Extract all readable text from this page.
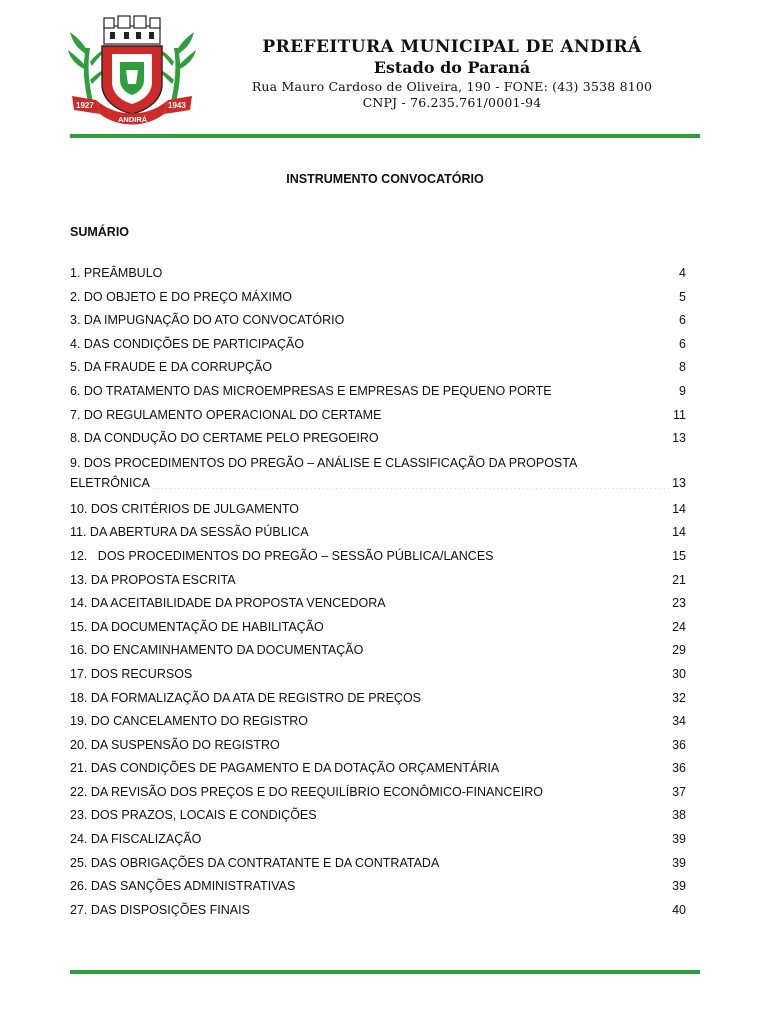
1927	1943
ANDIRÁ

PREFEITURA MUNICIPAL DE ANDIRÁ

Estado do Paraná

Rua Mauro Cardoso de Oliveira, 190 - FONE: (43) 3538 8100

CNPJ - 76.235.761/0001-94

INSTRUMENTO CONVOCATÓRIO
SUMÁRIO
1. PREÂMBULO .....	4
2. DO OBJETO E DO PREÇO MÁXIMO .....	5
3. DA IMPUGNAÇÃO DO ATO CONVOCATÓRIO .....	6
4. DAS CONDIÇÕES DE PARTICIPAÇÃO .....	6
5. DA FRAUDE E DA CORRUPÇÃO .....	8
6. DO TRATAMENTO DAS MICROEMPRESAS E EMPRESAS DE PEQUENO PORTE .....	9
7. DO REGULAMENTO OPERACIONAL DO CERTAME .....	11
8. DA CONDUÇÃO DO CERTAME PELO PREGOEIRO .....	13
9. DOS PROCEDIMENTOS DO PREGÃO – ANÁLISE E CLASSIFICAÇÃO DA PROPOSTA
ELETRÔNICA .....	13
10. DOS CRITÉRIOS DE JULGAMENTO .....	14
11. DA ABERTURA DA SESSÃO PÚBLICA .....	14
12.   DOS PROCEDIMENTOS DO PREGÃO – SESSÃO PÚBLICA/LANCES .....	15
13. DA PROPOSTA ESCRITA .....	21
14. DA ACEITABILIDADE DA PROPOSTA VENCEDORA .....	23
15. DA DOCUMENTAÇÃO DE HABILITAÇÃO .....	24
16. DO ENCAMINHAMENTO DA DOCUMENTAÇÃO .....	29
17. DOS RECURSOS .....	30
18. DA FORMALIZAÇÃO DA ATA DE REGISTRO DE PREÇOS .....	32
19. DO CANCELAMENTO DO REGISTRO .....	34
20. DA SUSPENSÃO DO REGISTRO .....	36
21. DAS CONDIÇÕES DE PAGAMENTO E DA DOTAÇÃO ORÇAMENTÁRIA .....	36
22. DA REVISÃO DOS PREÇOS E DO REEQUILÍBRIO ECONÔMICO-FINANCEIRO .....	37
23. DOS PRAZOS, LOCAIS E CONDIÇÕES .....	38
24. DA FISCALIZAÇÃO .....	39
25. DAS OBRIGAÇÕES DA CONTRATANTE E DA CONTRATADA .....	39
26. DAS SANÇÕES ADMINISTRATIVAS .....	39
27. DAS DISPOSIÇÕES FINAIS .....	40
